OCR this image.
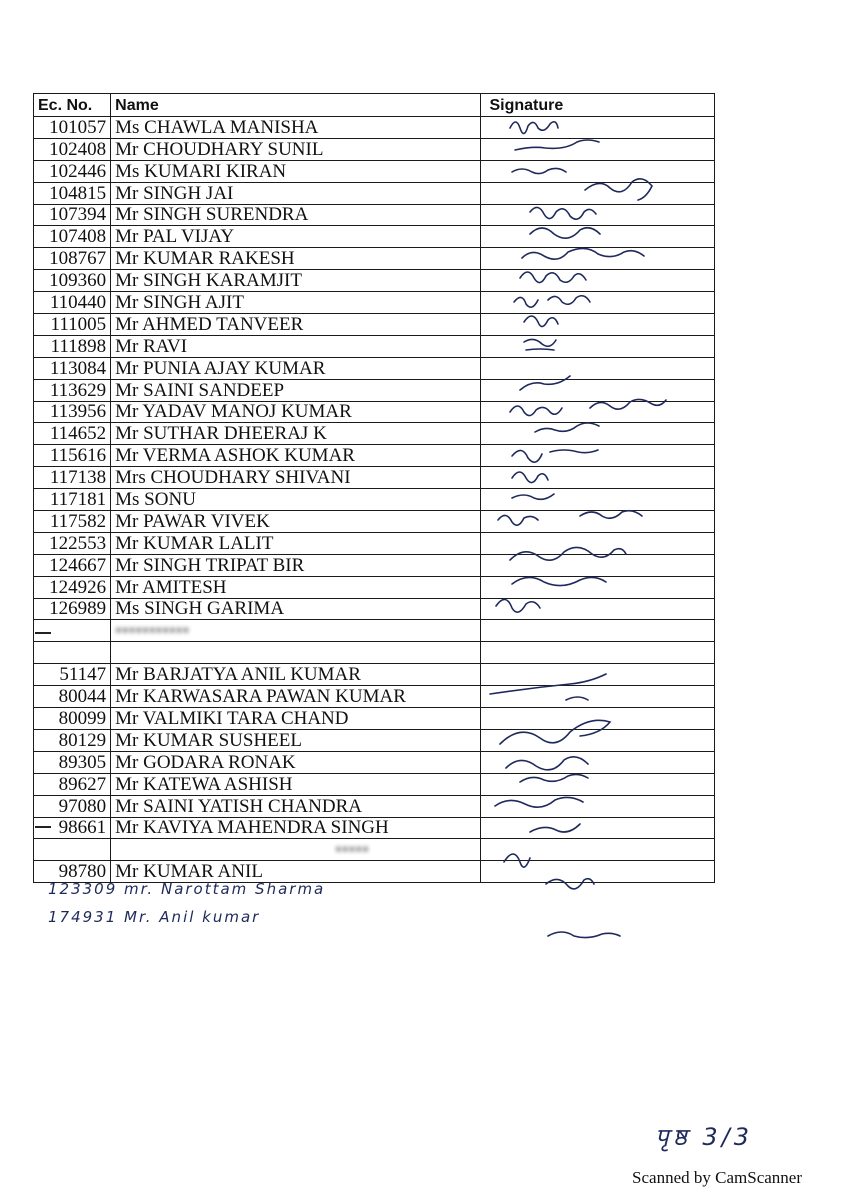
Ec. No.	Name	Signature
101057	Ms CHAWLA MANISHA	
102408	Mr CHOUDHARY SUNIL	
102446	Ms KUMARI KIRAN	
104815	Mr SINGH JAI	
107394	Mr SINGH SURENDRA	
107408	Mr PAL VIJAY	
108767	Mr KUMAR RAKESH	
109360	Mr SINGH KARAMJIT	
110440	Mr SINGH AJIT	
111005	Mr AHMED TANVEER	
111898	Mr RAVI	
113084	Mr PUNIA AJAY KUMAR	
113629	Mr SAINI SANDEEP	
113956	Mr YADAV MANOJ KUMAR	
114652	Mr SUTHAR DHEERAJ K	
115616	Mr VERMA ASHOK KUMAR	
117138	Mrs CHOUDHARY SHIVANI	
117181	Ms SONU	
117582	Mr PAWAR VIVEK	
122553	Mr KUMAR LALIT	
124667	Mr SINGH TRIPAT BIR	
124926	Mr AMITESH	
126989	Ms SINGH GARIMA	
	▪▪▪▪▪▪▪▪▪▪▪	

51147	Mr BARJATYA ANIL KUMAR	
80044	Mr KARWASARA PAWAN KUMAR	
80099	Mr VALMIKI TARA CHAND	
80129	Mr KUMAR SUSHEEL	
89305	Mr GODARA RONAK	
89627	Mr KATEWA ASHISH	
97080	Mr SAINI YATISH CHANDRA	
98661	Mr KAVIYA MAHENDRA SINGH	
	▪▪▪▪▪	
98780	Mr KUMAR ANIL	
123309 mr. Narottam Sharma
174931 Mr. Anil kumar
पृष्ठ 3/3
Scanned by CamScanner
